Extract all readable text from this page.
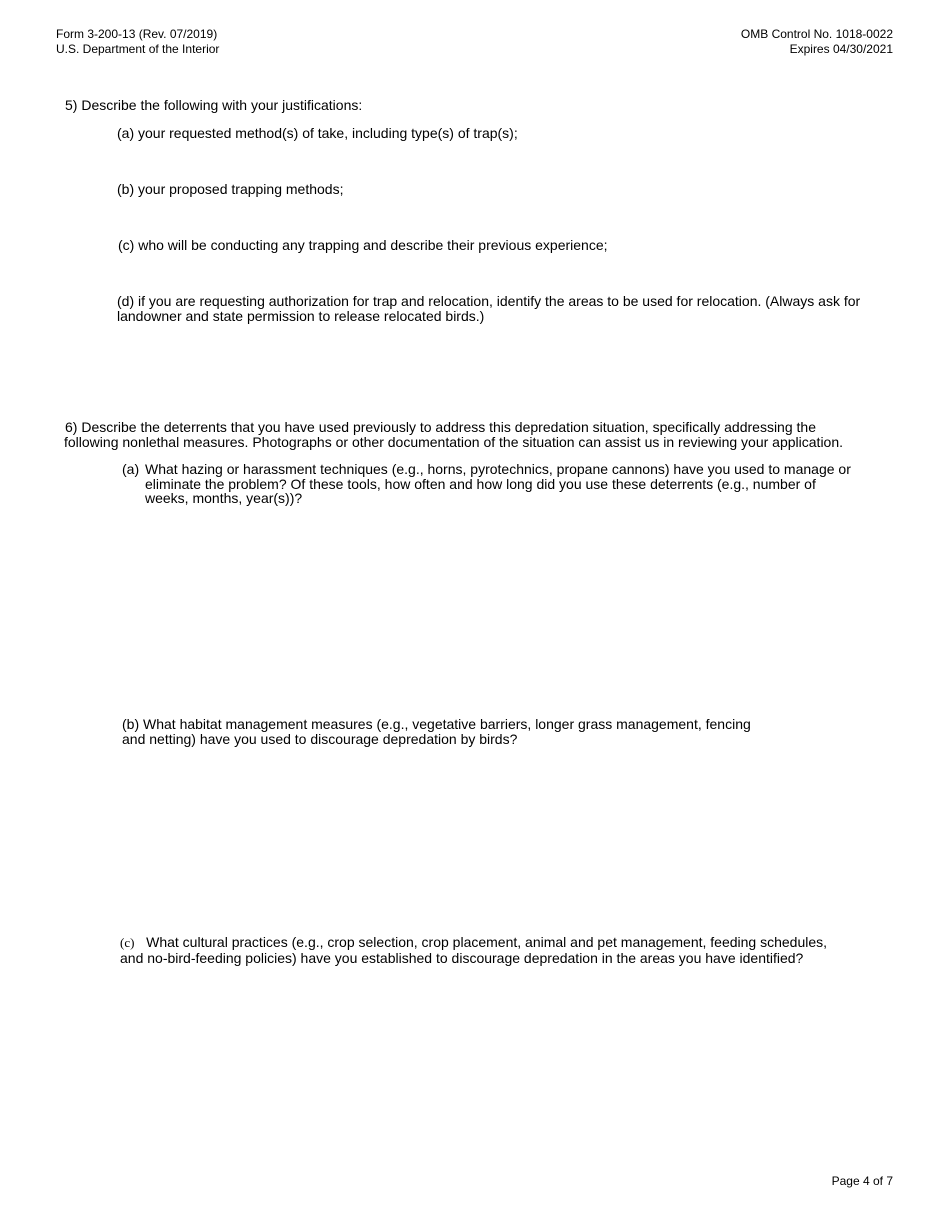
Form 3-200-13 (Rev. 07/2019)
U.S. Department of the Interior
OMB Control No. 1018-0022
Expires 04/30/2021
5) Describe the following with your justifications:
(a) your requested method(s) of take, including type(s) of trap(s);
(b) your proposed trapping methods;
(c) who will be conducting any trapping and describe their previous experience;
(d) if you are requesting authorization for trap and relocation, identify the areas to be used for relocation. (Always ask for
landowner and state permission to release relocated birds.)
6) Describe the deterrents that you have used previously to address this depredation situation, specifically addressing the
following nonlethal measures. Photographs or other documentation of the situation can assist us in reviewing your application.
(a) What hazing or harassment techniques (e.g., horns, pyrotechnics, propane cannons) have you used to manage or
eliminate the problem? Of these tools, how often and how long did you use these deterrents (e.g., number of
weeks, months, year(s))?
(b) What habitat management measures (e.g., vegetative barriers, longer grass management, fencing
and netting) have you used to discourage depredation by birds?
(c)   What cultural practices (e.g., crop selection, crop placement, animal and pet management, feeding schedules,
and no-bird-feeding policies) have you established to discourage depredation in the areas you have identified?
Page 4 of 7
